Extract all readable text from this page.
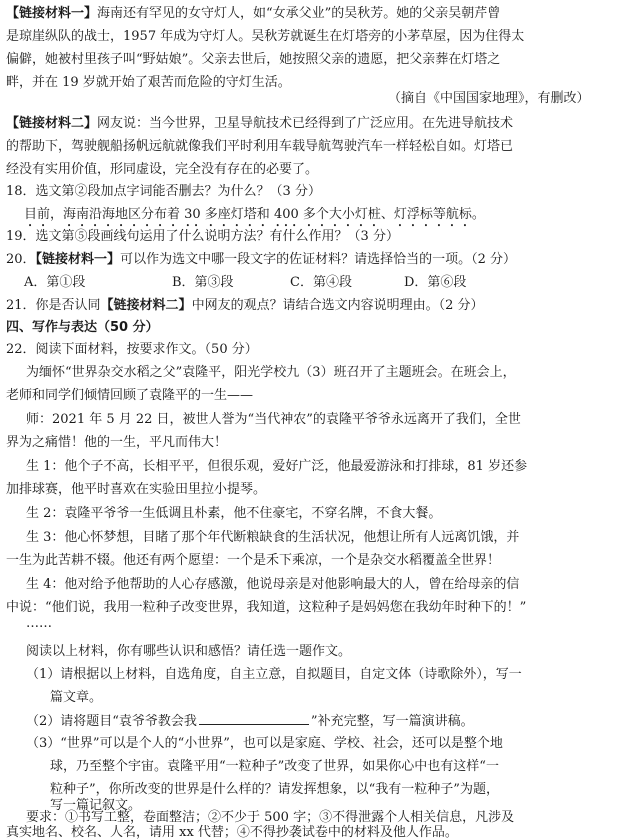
【链接材料一】海南还有罕见的女守灯人，如“女承父业”的吴秋芳。她的父亲吴朝芹曾
是琼崖纵队的战士，1957 年成为守灯人。吴秋芳就诞生在灯塔旁的小茅草屋，因为住得太
偏僻，她被村里孩子叫“野姑娘”。父亲去世后，她按照父亲的遗愿，把父亲葬在灯塔之
畔，并在 19 岁就开始了艰苦而危险的守灯生活。
（摘自《中国国家地理》，有删改）
【链接材料二】网友说：当今世界，卫星导航技术已经得到了广泛应用。在先进导航技术
的帮助下，驾驶舰船扬帆远航就像我们平时利用车载导航驾驶汽车一样轻松自如。灯塔已
经没有实用价值，形同虚设，完全没有存在的必要了。
18．选文第②段加点字词能否删去？为什么？（3 分）
目前，海南沿海地区分布着 30 多座灯塔和 400 多个大小灯桩、灯浮标等航标。
19．选文第⑤段画线句运用了什么说明方法？有什么作用？（3 分）
20．【链接材料一】可以作为选文中哪一段文字的佐证材料？请选择恰当的一项。（2 分）
A．第①段	B．第③段	C．第④段	D．第⑥段
21．你是否认同【链接材料二】中网友的观点？请结合选文内容说明理由。（2 分）
四、写作与表达（50 分）
22．阅读下面材料，按要求作文。（50 分）
为缅怀“世界杂交水稻之父”袁隆平，阳光学校九（3）班召开了主题班会。在班会上，
老师和同学们倾情回顾了袁隆平的一生——
师：2021 年 5 月 22 日，被世人誉为“当代神农”的袁隆平爷爷永远离开了我们，全世
界为之痛惜！他的一生，平凡而伟大！
生 1：他个子不高，长相平平，但很乐观，爱好广泛，他最爱游泳和打排球，81 岁还参
加排球赛，他平时喜欢在实验田里拉小提琴。
生 2：袁隆平爷爷一生低调且朴素，他不住豪宅，不穿名牌，不食大餐。
生 3：他心怀梦想，目睹了那个年代断粮缺食的生活状况，他想让所有人远离饥饿，并
一生为此苦耕不辍。他还有两个愿望：一个是禾下乘凉，一个是杂交水稻覆盖全世界！
生 4：他对给予他帮助的人心存感激，他说母亲是对他影响最大的人，曾在给母亲的信
中说：“他们说，我用一粒种子改变世界，我知道，这粒种子是妈妈您在我幼年时种下的！”
……
阅读以上材料，你有哪些认识和感悟？请任选一题作文。
（1）请根据以上材料，自选角度，自主立意，自拟题目，自定文体（诗歌除外），写一
篇文章。
（2）请将题目“袁爷爷教会我	”补充完整，写一篇演讲稿。
（3）“世界”可以是个人的“小世界”，也可以是家庭、学校、社会，还可以是整个地
球，乃至整个宇宙。袁隆平用“一粒种子”改变了世界，如果你心中也有这样“一
粒种子”，你所改变的世界是什么样的？请发挥想象，以“我有一粒种子”为题，
写一篇记叙文。
要求：①书写工整，卷面整洁；②不少于 500 字；③不得泄露个人相关信息，凡涉及
真实地名、校名、人名，请用 xx 代替；④不得抄袭试卷中的材料及他人作品。
